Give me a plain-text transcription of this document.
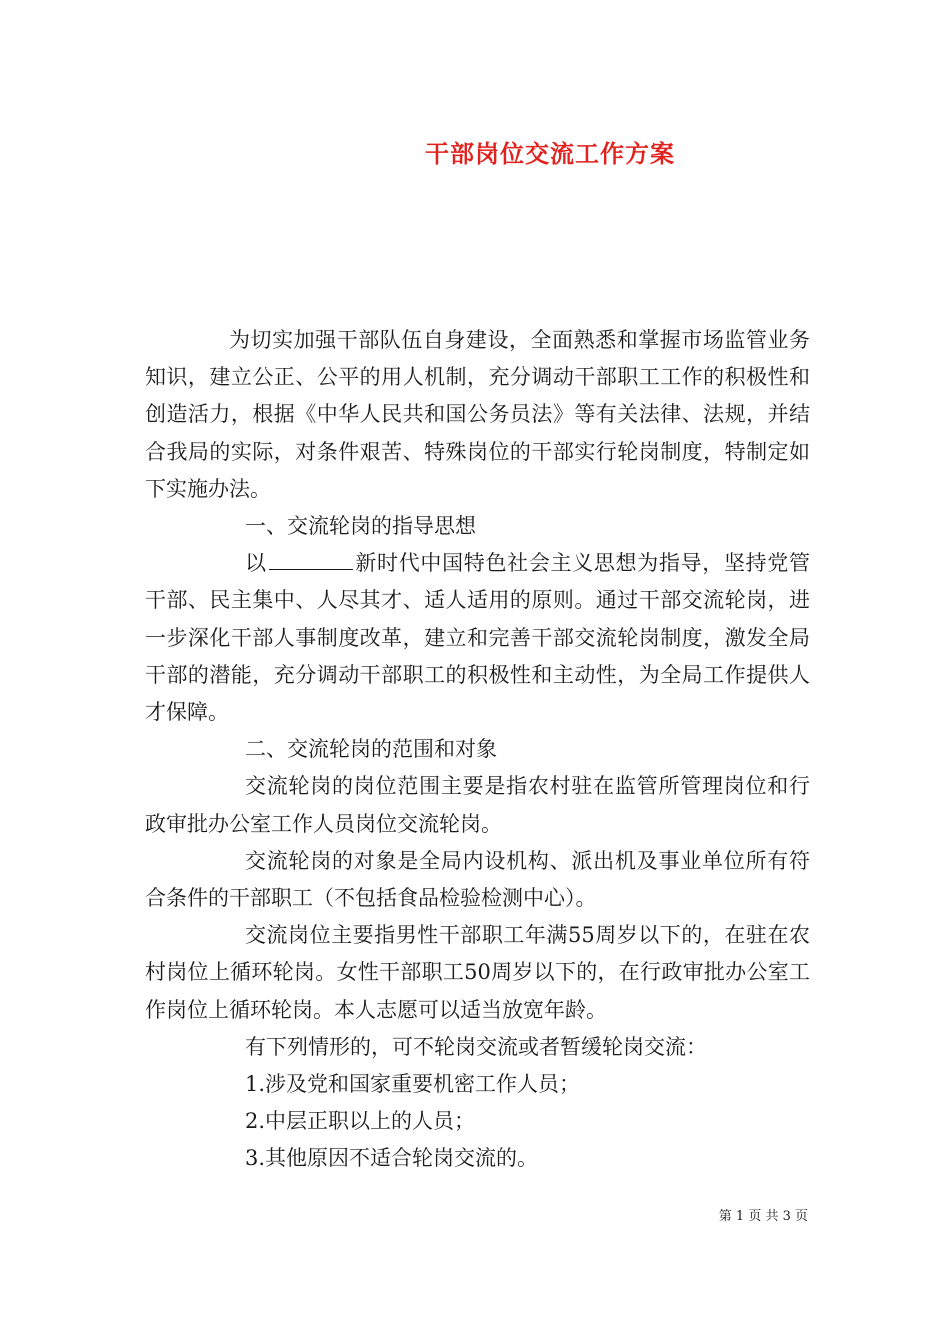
干部岗位交流工作方案

为切实加强干部队伍自身建设，全面熟悉和掌握市场监管业务知识，建立公正、公平的用人机制，充分调动干部职工工作的积极性和创造活力，根据《中华人民共和国公务员法》等有关法律、法规，并结合我局的实际，对条件艰苦、特殊岗位的干部实行轮岗制度，特制定如下实施办法。

一、交流轮岗的指导思想

以	新时代中国特色社会主义思想为指导，坚持党管干部、民主集中、人尽其才、适人适用的原则。通过干部交流轮岗，进一步深化干部人事制度改革，建立和完善干部交流轮岗制度，激发全局干部的潜能，充分调动干部职工的积极性和主动性，为全局工作提供人才保障。

二、交流轮岗的范围和对象

交流轮岗的岗位范围主要是指农村驻在监管所管理岗位和行政审批办公室工作人员岗位交流轮岗。

交流轮岗的对象是全局内设机构、派出机及事业单位所有符合条件的干部职工（不包括食品检验检测中心）。

交流岗位主要指男性干部职工年满55周岁以下的，在驻在农村岗位上循环轮岗。女性干部职工50周岁以下的，在行政审批办公室工作岗位上循环轮岗。本人志愿可以适当放宽年龄。

有下列情形的，可不轮岗交流或者暂缓轮岗交流：

1.涉及党和国家重要机密工作人员；

2.中层正职以上的人员；

3.其他原因不适合轮岗交流的。

第 1 页 共 3 页
